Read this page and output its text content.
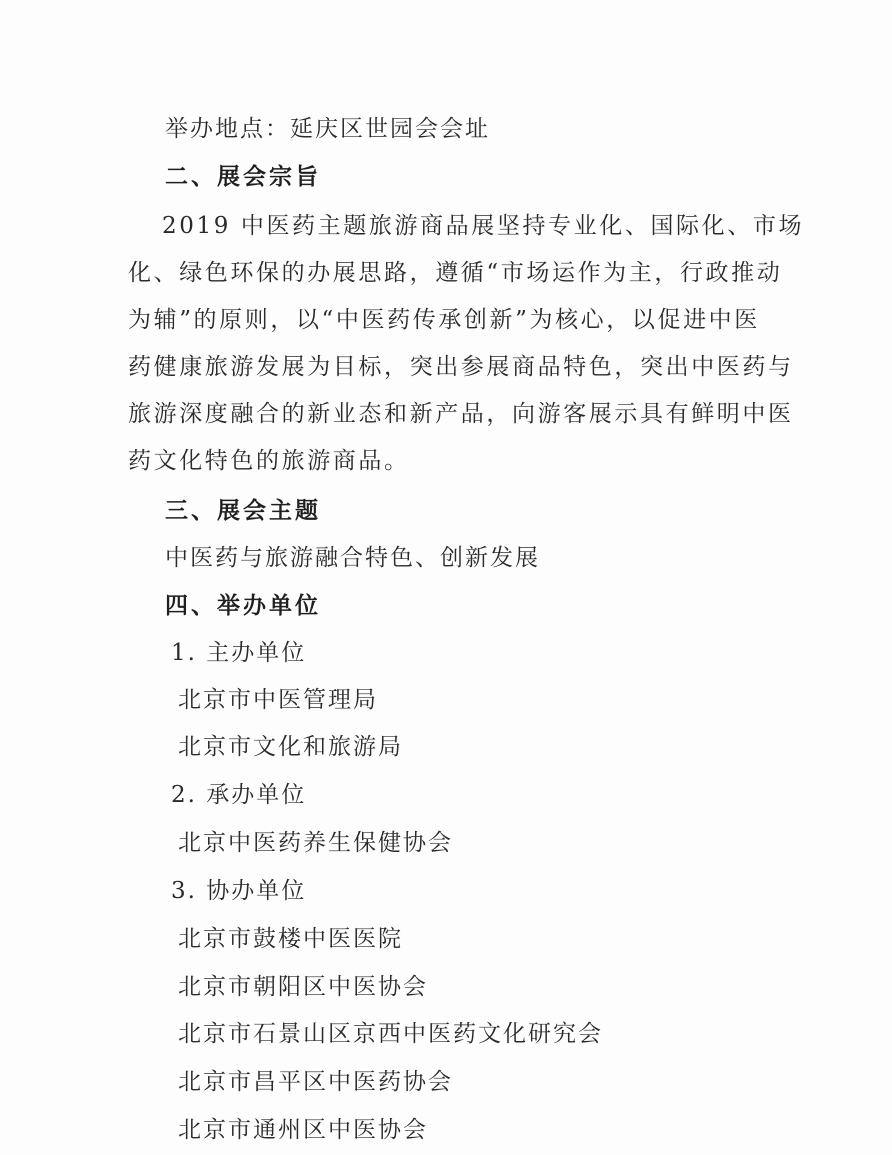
举办地点：延庆区世园会会址
二、展会宗旨
2019 中医药主题旅游商品展坚持专业化、国际化、市场
化、绿色环保的办展思路，遵循“市场运作为主，行政推动
为辅”的原则，以“中医药传承创新”为核心，以促进中医
药健康旅游发展为目标，突出参展商品特色，突出中医药与
旅游深度融合的新业态和新产品，向游客展示具有鲜明中医
药文化特色的旅游商品。
三、展会主题
中医药与旅游融合特色、创新发展
四、举办单位
1. 主办单位
北京市中医管理局
北京市文化和旅游局
2. 承办单位
北京中医药养生保健协会
3. 协办单位
北京市鼓楼中医医院
北京市朝阳区中医协会
北京市石景山区京西中医药文化研究会
北京市昌平区中医药协会
北京市通州区中医协会
